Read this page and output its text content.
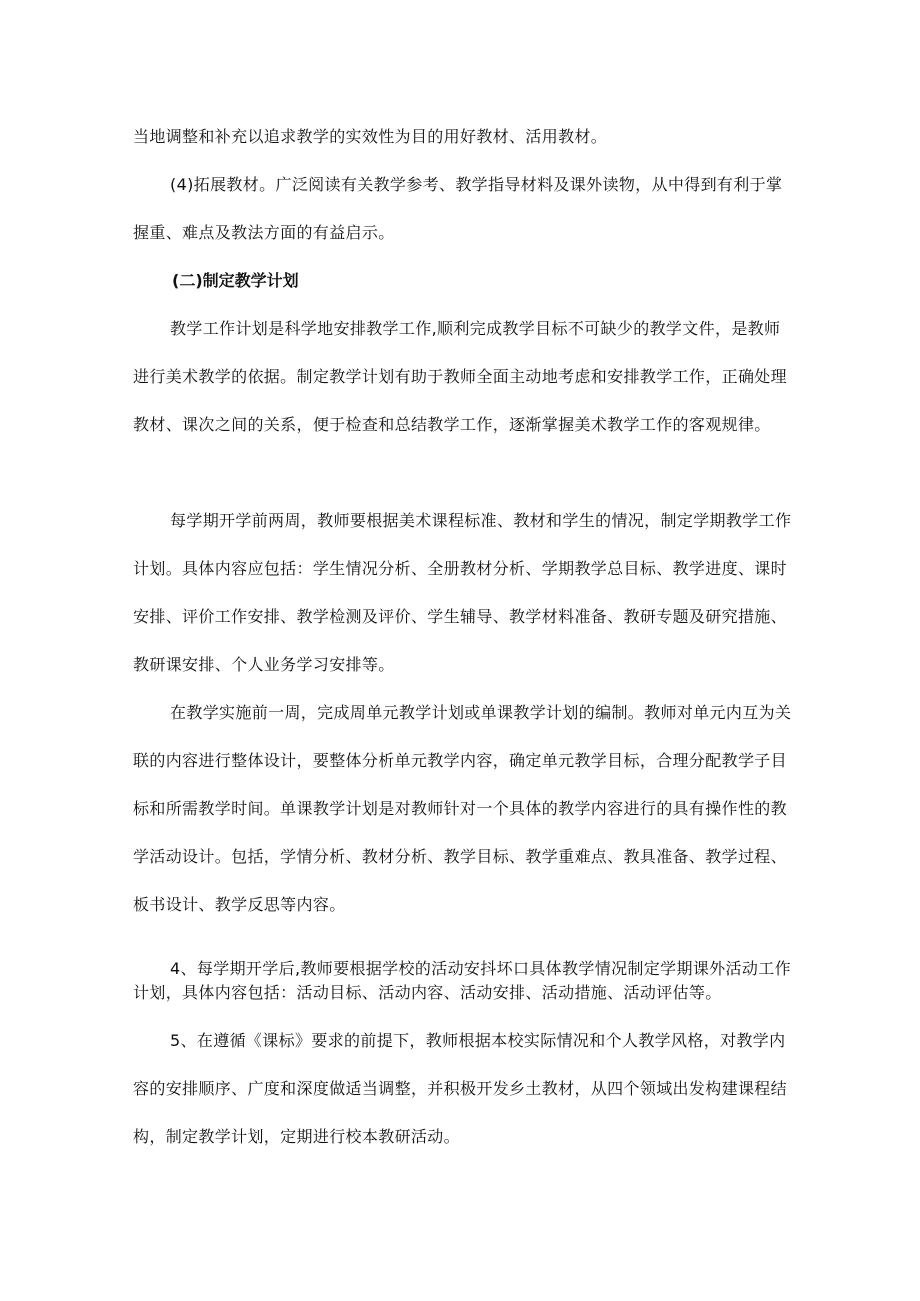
当地调整和补充以追求教学的实效性为目的用好教材、活用教材。

(4)拓展教材。广泛阅读有关教学参考、教学指导材料及课外读物，从中得到有利于掌握重、难点及教法方面的有益启示。

(二)制定教学计划

教学工作计划是科学地安排教学工作,顺利完成教学目标不可缺少的教学文件，是教师进行美术教学的依据。制定教学计划有助于教师全面主动地考虑和安排教学工作，正确处理教材、课次之间的关系，便于检查和总结教学工作，逐渐掌握美术教学工作的客观规律。

每学期开学前两周，教师要根据美术课程标准、教材和学生的情况，制定学期教学工作计划。具体内容应包括：学生情况分析、全册教材分析、学期教学总目标、教学进度、课时安排、评价工作安排、教学检测及评价、学生辅导、教学材料准备、教研专题及研究措施、教研课安排、个人业务学习安排等。

在教学实施前一周，完成周单元教学计划或单课教学计划的编制。教师对单元内互为关联的内容进行整体设计，要整体分析单元教学内容，确定单元教学目标，合理分配教学子目标和所需教学时间。单课教学计划是对教师针对一个具体的教学内容进行的具有操作性的教学活动设计。包括，学情分析、教材分析、教学目标、教学重难点、教具准备、教学过程、板书设计、教学反思等内容。

4、每学期开学后,教师要根据学校的活动安抖坏口具体教学情况制定学期课外活动工作计划，具体内容包括：活动目标、活动内容、活动安排、活动措施、活动评估等。

5、在遵循《课标》要求的前提下，教师根据本校实际情况和个人教学风格，对教学内容的安排顺序、广度和深度做适当调整，并积极开发乡土教材，从四个领域出发构建课程结构，制定教学计划，定期进行校本教研活动。
